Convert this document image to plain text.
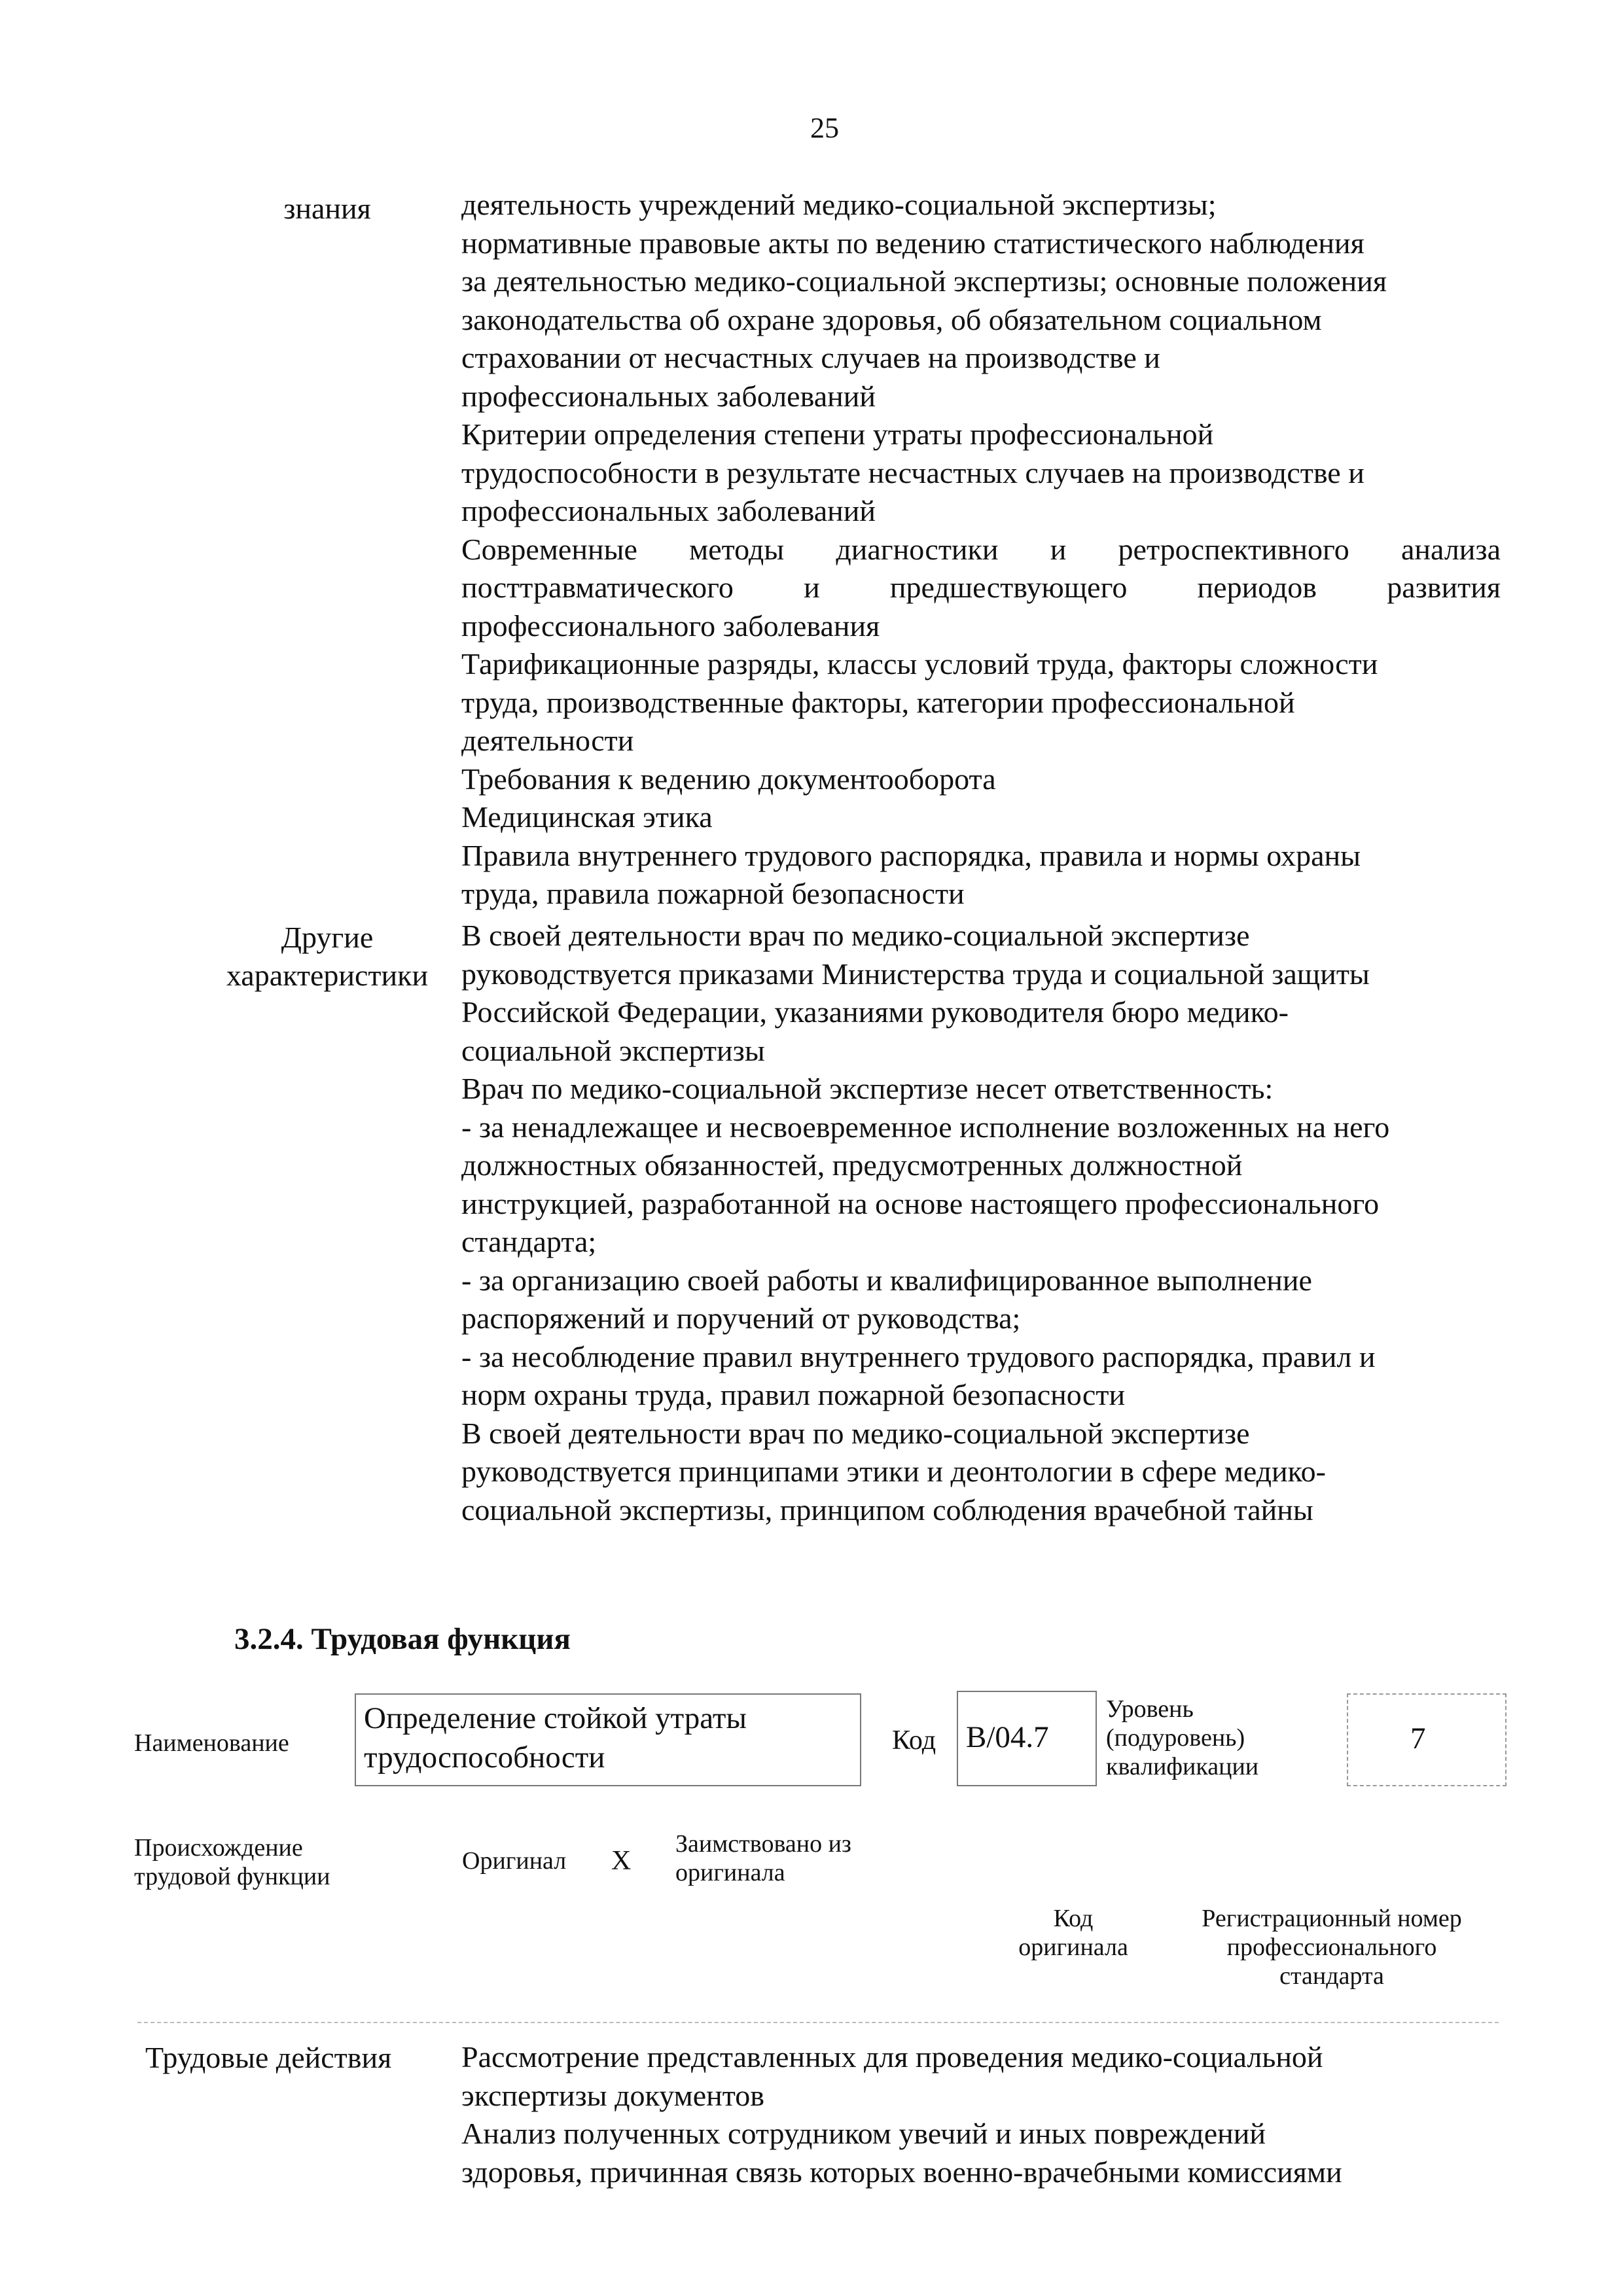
25
знания	деятельность учреждений медико-социальной экспертизы;
нормативные правовые акты по ведению статистического наблюдения
за деятельностью медико-социальной экспертизы; основные положения
законодательства об охране здоровья, об обязательном социальном
страховании от несчастных случаев на производстве и
профессиональных заболеваний
Критерии определения степени утраты профессиональной
трудоспособности в результате несчастных случаев на производстве и
профессиональных заболеваний
Современные методы диагностики и ретроспективного анализа
посттравматического и предшествующего периодов развития
профессионального заболевания
Тарификационные разряды, классы условий труда, факторы сложности
труда, производственные факторы, категории профессиональной
деятельности
Требования к ведению документооборота
Медицинская этика
Правила внутреннего трудового распорядка, правила и нормы охраны
труда, правила пожарной безопасности
Другие
характеристики
В своей деятельности врач по медико-социальной экспертизе
руководствуется приказами Министерства труда и социальной защиты
Российской Федерации, указаниями руководителя бюро медико-
социальной экспертизы
Врач по медико-социальной экспертизе несет ответственность:
- за ненадлежащее и несвоевременное исполнение возложенных на него
должностных обязанностей, предусмотренных должностной
инструкцией, разработанной на основе настоящего профессионального
стандарта;
- за организацию своей работы и квалифицированное выполнение
распоряжений и поручений от руководства;
- за несоблюдение правил внутреннего трудового распорядка, правил и
норм охраны труда, правил пожарной безопасности
В своей деятельности врач по медико-социальной экспертизе
руководствуется принципами этики и деонтологии в сфере медико-
социальной экспертизы, принципом соблюдения врачебной тайны
3.2.4. Трудовая функция
Наименование
Определение стойкой утраты
трудоспособности	Код B/04.7
Уровень
(подуровень)
квалификации
7
Происхождение
трудовой функции
Оригинал X
Заимствовано из
оригинала
Код
оригинала
Регистрационный номер
профессионального
стандарта
Трудовые действия Рассмотрение представленных для проведения медико-социальной
экспертизы документов
Анализ полученных сотрудником увечий и иных повреждений
здоровья, причинная связь которых военно-врачебными комиссиями
